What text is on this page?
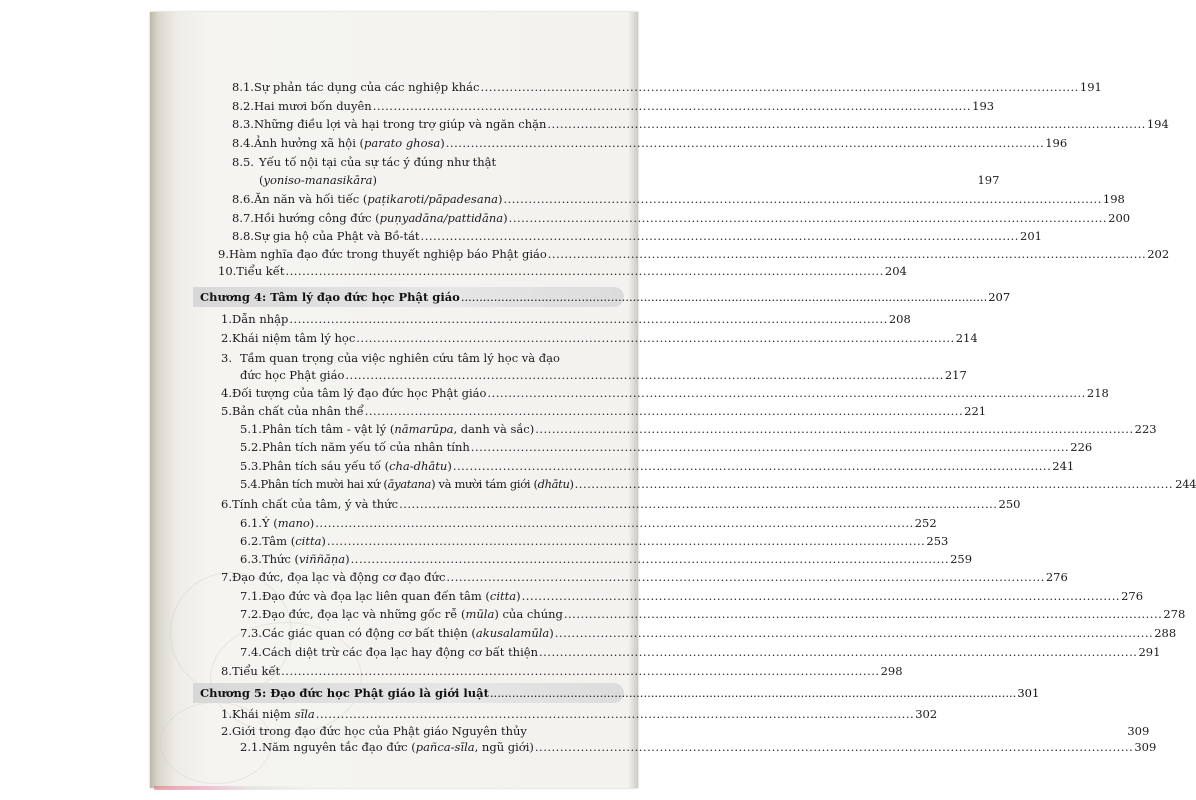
8.1. Sự phản tác dụng của các nghiệp khác .....	191
8.2. Hai mươi bốn duyên .....	193
8.3. Những điều lợi và hại trong trợ giúp và ngăn chặn .....	194
8.4. Ảnh hưởng xã hội (parato ghosa) .....	196
8.5. Yếu tố nội tại của sự tác ý đúng như thật
(yoniso-manasikāra)	197
8.6. Ăn năn và hối tiếc (paṭikaroti/pāpadesana) .....	198
8.7. Hồi hướng công đức (puṇyadāna/pattidāna) .....	200
8.8. Sự gia hộ của Phật và Bồ-tát .....	201
9. Hàm nghĩa đạo đức trong thuyết nghiệp báo Phật giáo .....	202
10. Tiểu kết .....	204
Chương 4: Tâm lý đạo đức học Phật giáo .....	207
1. Dẫn nhập .....	208
2. Khái niệm tâm lý học .....	214
3. Tầm quan trọng của việc nghiên cứu tâm lý học và đạo
đức học Phật giáo .....	217
4. Đối tượng của tâm lý đạo đức học Phật giáo .....	218
5. Bản chất của nhân thể .....	221
5.1. Phân tích tâm - vật lý (nāmarūpa, danh và sắc) .....	223
5.2. Phân tích năm yếu tố của nhân tính .....	226
5.3. Phân tích sáu yếu tố (cha-dhātu) .....	241
5.4. Phân tích mười hai xứ (āyatana) và mười tám giới (dhātu) .....	244
6. Tính chất của tâm, ý và thức .....	250
6.1. Ý (mano) .....	252
6.2. Tâm (citta) .....	253
6.3. Thức (viññāṇa) .....	259
7. Đạo đức, đọa lạc và động cơ đạo đức .....	276
7.1. Đạo đức và đọa lạc liên quan đến tâm (citta) .....	276
7.2. Đạo đức, đọa lạc và những gốc rễ (mūla) của chúng .....	278
7.3. Các giác quan có động cơ bất thiện (akusalamūla) .....	288
7.4. Cách diệt trừ các đọa lạc hay động cơ bất thiện .....	291
8. Tiểu kết .....	298
Chương 5: Đạo đức học Phật giáo là giới luật .....	301
1. Khái niệm sīla .....	302
2. Giới trong đạo đức học của Phật giáo Nguyên thủy	309
2.1. Năm nguyên tắc đạo đức (pañca-sīla, ngũ giới) .....	309
